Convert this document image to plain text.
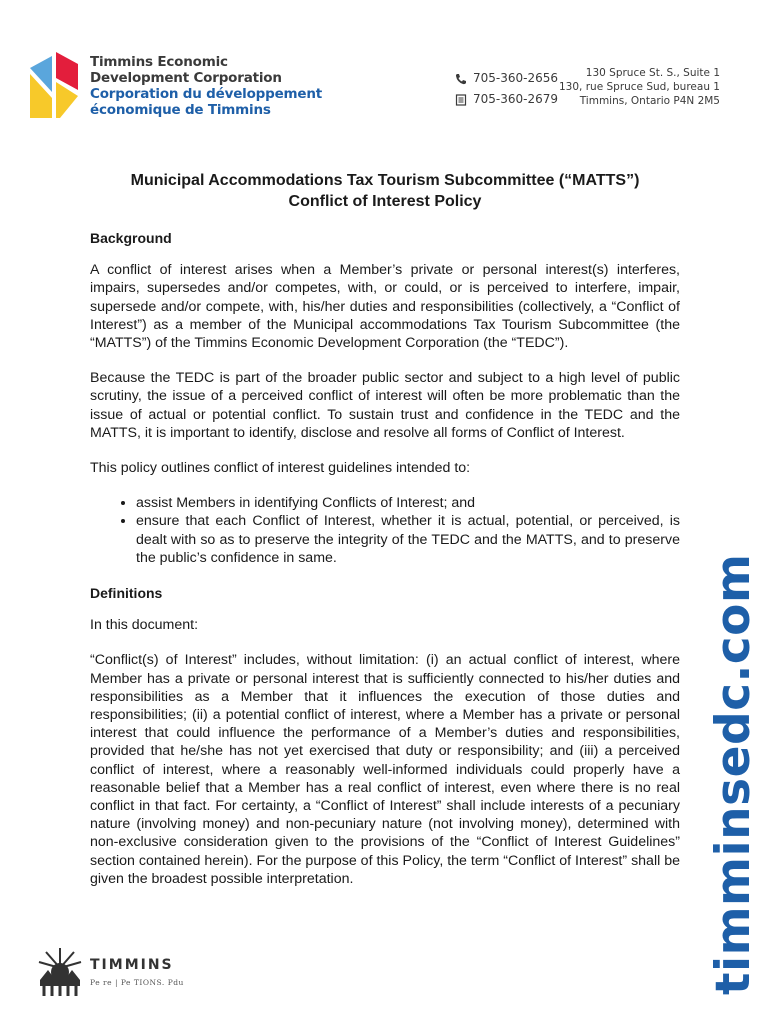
Timmins Economic
Development Corporation
Corporation du développement
économique de Timmins
705-360-2656
705-360-2679
130 Spruce St. S., Suite 1
130, rue Spruce Sud, bureau 1
Timmins, Ontario P4N 2M5
Municipal Accommodations Tax Tourism Subcommittee (“MATTS”)
Conflict of Interest Policy
Background

A conflict of interest arises when a Member’s private or personal interest(s) interferes, impairs, supersedes and/or competes, with, or could, or is perceived to interfere, impair, supersede and/or compete, with, his/her duties and responsibilities (collectively, a “Conflict of Interest”) as a member of the Municipal accommodations Tax Tourism Subcommittee (the “MATTS”) of the Timmins Economic Development Corporation (the “TEDC”).

Because the TEDC is part of the broader public sector and subject to a high level of public scrutiny, the issue of a perceived conflict of interest will often be more problematic than the issue of actual or potential conflict. To sustain trust and confidence in the TEDC and the MATTS, it is important to identify, disclose and resolve all forms of Conflict of Interest.

This policy outlines conflict of interest guidelines intended to:

• assist Members in identifying Conflicts of Interest; and
• ensure that each Conflict of Interest, whether it is actual, potential, or perceived, is dealt with so as to preserve the integrity of the TEDC and the MATTS, and to preserve the public’s confidence in same.
Definitions

In this document:

“Conflict(s) of Interest” includes, without limitation: (i) an actual conflict of interest, where Member has a private or personal interest that is sufficiently connected to his/her duties and responsibilities as a Member that it influences the execution of those duties and responsibilities; (ii) a potential conflict of interest, where a Member has a private or personal interest that could influence the performance of a Member’s duties and responsibilities, provided that he/she has not yet exercised that duty or responsibility; and (iii) a perceived conflict of interest, where a reasonably well-informed individuals could properly have a reasonable belief that a Member has a real conflict of interest, even where there is no real conflict in that fact. For certainty, a “Conflict of Interest” shall include interests of a pecuniary nature (involving money) and non-pecuniary nature (not involving money), determined with non-exclusive consideration given to the provisions of the “Conflict of Interest Guidelines” section contained herein). For the purpose of this Policy, the term “Conflict of Interest” shall be given the broadest possible interpretation.	timminsedc.com
TIMMINS
Pe re | Pe TIONS. Pdu
